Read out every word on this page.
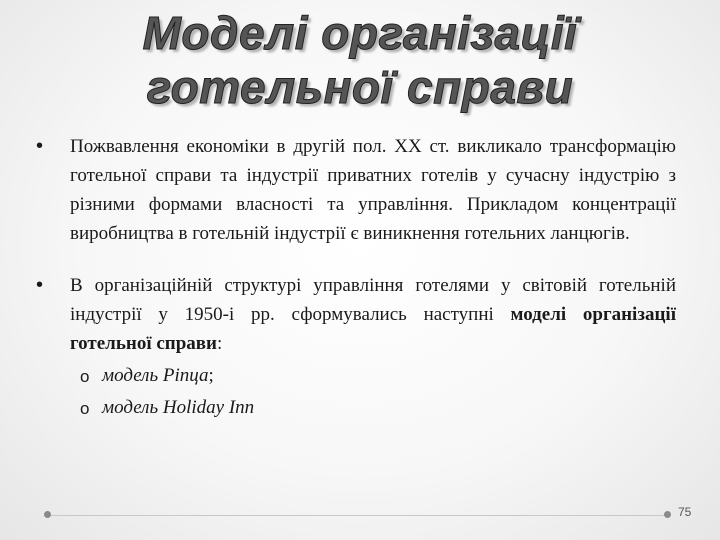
Моделі організації
готельної справи
• Пожвавлення економіки в другій пол. ХХ ст. викликало трансформацію готельної справи та індустрії приватних готелів у сучасну індустрію з різними формами власності та управління. Прикладом концентрації виробництва в готельній індустрії є виникнення готельних ланцюгів.
• В організаційній структурі управління готелями у світовій готельній індустрії у 1950-і рр. сформувались наступні моделі організації готельної справи:
o модель Ріпца;
o модель Holiday Inn
75
